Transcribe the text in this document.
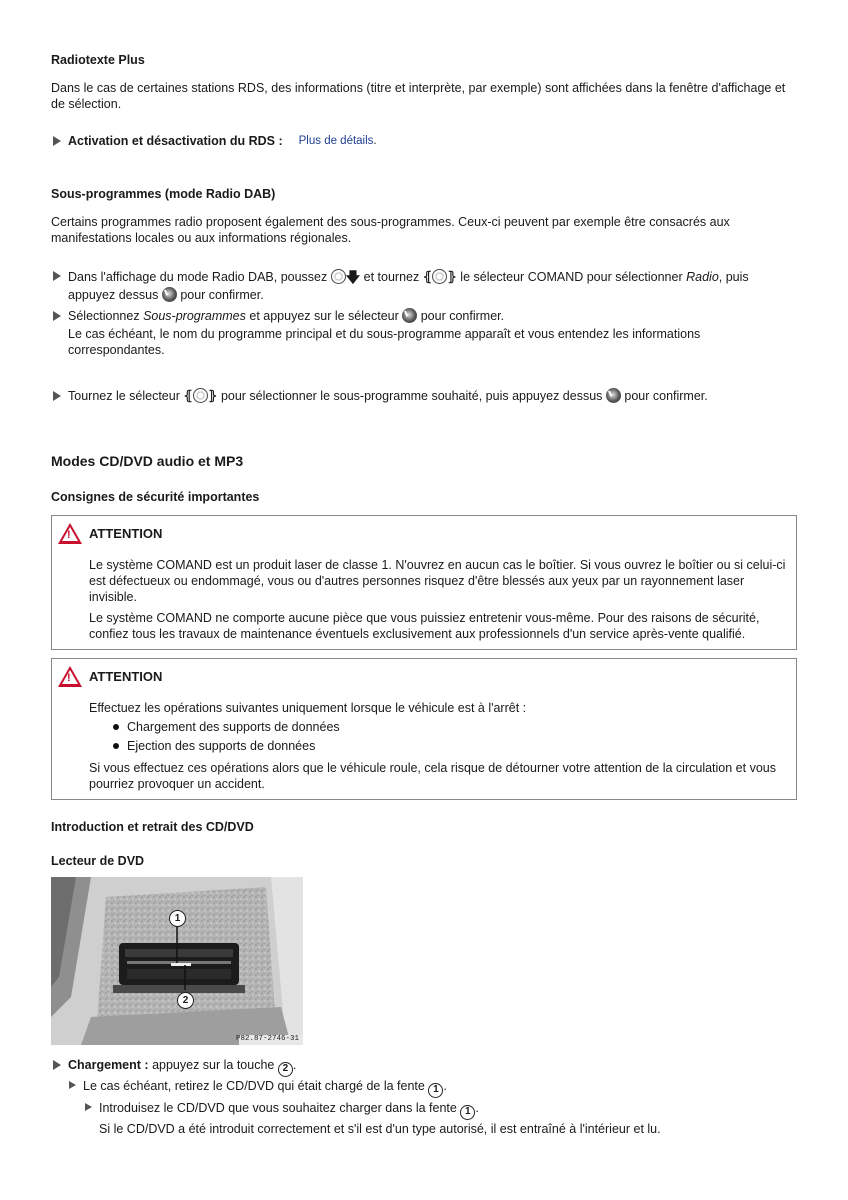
Radiotexte Plus
Dans le cas de certaines stations RDS, des informations (titre et interprète, par exemple) sont affichées dans la fenêtre d'affichage et de sélection.
Activation et désactivation du RDS : Plus de détails .
Sous-programmes (mode Radio DAB)
Certains programmes radio proposent également des sous-programmes. Ceux-ci peuvent par exemple être consacrés aux manifestations locales ou aux informations régionales.
Dans l'affichage du mode Radio DAB, poussez 🡇 et tournez ⦃ ⦄ le sélecteur COMAND pour sélectionner Radio, puis
appuyez dessus pour confirmer.
Sélectionnez Sous-programmes et appuyez sur le sélecteur pour confirmer.
Le cas échéant, le nom du programme principal et du sous-programme apparaît et vous entendez les informations correspondantes.
Tournez le sélecteur ⦃ ⦄ pour sélectionner le sous-programme souhaité, puis appuyez dessus pour confirmer.
Modes CD/DVD audio et MP3
Consignes de sécurité importantes
!
ATTENTION
Le système COMAND est un produit laser de classe 1. N'ouvrez en aucun cas le boîtier. Si vous ouvrez le boîtier ou si celui-ci est défectueux ou endommagé, vous ou d'autres personnes risquez d'être blessés aux yeux par un rayonnement laser invisible.
Le système COMAND ne comporte aucune pièce que vous puissiez entretenir vous-même. Pour des raisons de sécurité, confiez tous les travaux de maintenance éventuels exclusivement aux professionnels d'un service après-vente qualifié.
!
ATTENTION
Effectuez les opérations suivantes uniquement lorsque le véhicule est à l'arrêt :
Chargement des supports de données
Ejection des supports de données
Si vous effectuez ces opérations alors que le véhicule roule, cela risque de détourner votre attention de la circulation et vous pourriez provoquer un accident.
Introduction et retrait des CD/DVD
Lecteur de DVD
1
2
P82.87-2746-31
Chargement : appuyez sur la touche 2 .
Le cas échéant, retirez le CD/DVD qui était chargé de la fente 1 .
Introduisez le CD/DVD que vous souhaitez charger dans la fente 1 .
Si le CD/DVD a été introduit correctement et s'il est d'un type autorisé, il est entraîné à l'intérieur et lu.
